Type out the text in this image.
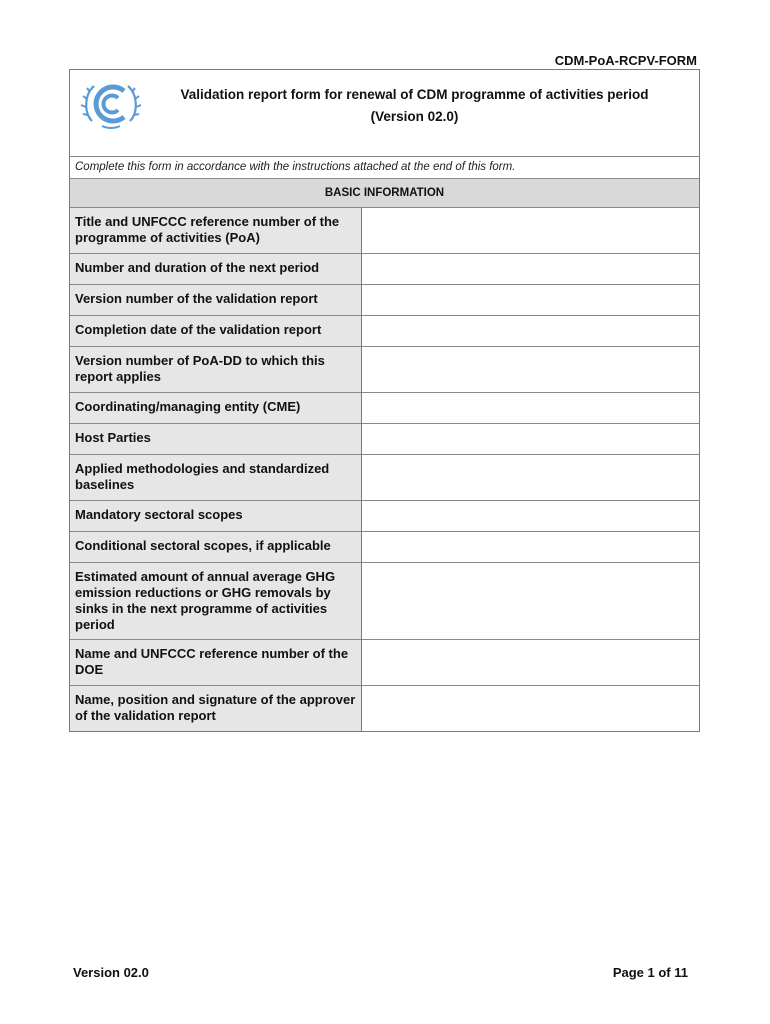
CDM-PoA-RCPV-FORM
Validation report form for renewal of CDM programme of activities period
(Version 02.0)
Complete this form in accordance with the instructions attached at the end of this form.
BASIC INFORMATION
Title and UNFCCC reference number of the programme of activities (PoA)	
Number and duration of the next period	
Version number of the validation report	
Completion date of the validation report	
Version number of PoA-DD to which this report applies	
Coordinating/managing entity (CME)	
Host Parties	
Applied methodologies and standardized baselines	
Mandatory sectoral scopes	
Conditional sectoral scopes, if applicable	
Estimated amount of annual average GHG emission reductions or GHG removals by sinks in the next programme of activities period	
Name and UNFCCC reference number of the DOE	
Name, position and signature of the approver of the validation report	
Version 02.0	Page 1 of 11
